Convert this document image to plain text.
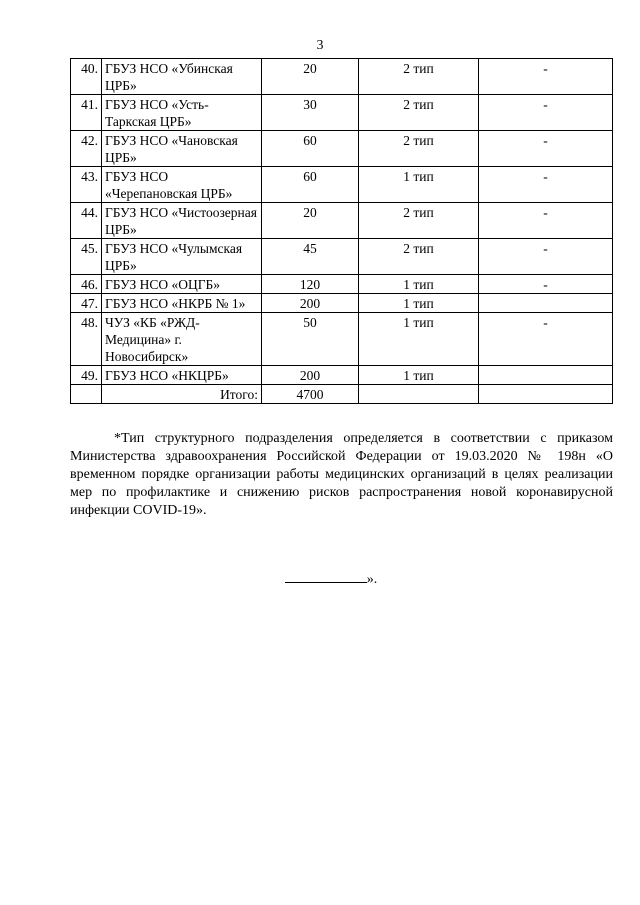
3
40.	ГБУЗ НСО «Убинская ЦРБ»	20	2 тип	-
41.	ГБУЗ НСО «Усть-Таркская ЦРБ»	30	2 тип	-
42.	ГБУЗ НСО «Чановская ЦРБ»	60	2 тип	-
43.	ГБУЗ НСО «Черепановская ЦРБ»	60	1 тип	-
44.	ГБУЗ НСО «Чистоозерная ЦРБ»	20	2 тип	-
45.	ГБУЗ НСО «Чулымская ЦРБ»	45	2 тип	-
46.	ГБУЗ НСО «ОЦГБ»	120	1 тип	-
47.	ГБУЗ НСО «НКРБ № 1»	200	1 тип	
48.	ЧУЗ «КБ «РЖД-Медицина» г. Новосибирск»	50	1 тип	-
49.	ГБУЗ НСО «НКЦРБ»	200	1 тип	
	Итого:	4700		

*Тип структурного подразделения определяется в соответствии с приказом Министерства здравоохранения Российской Федерации от 19.03.2020 № 198н «О временном порядке организации работы медицинских организаций в целях реализации мер по профилактике и снижению рисков распространения новой коронавирусной инфекции COVID-19».

».
